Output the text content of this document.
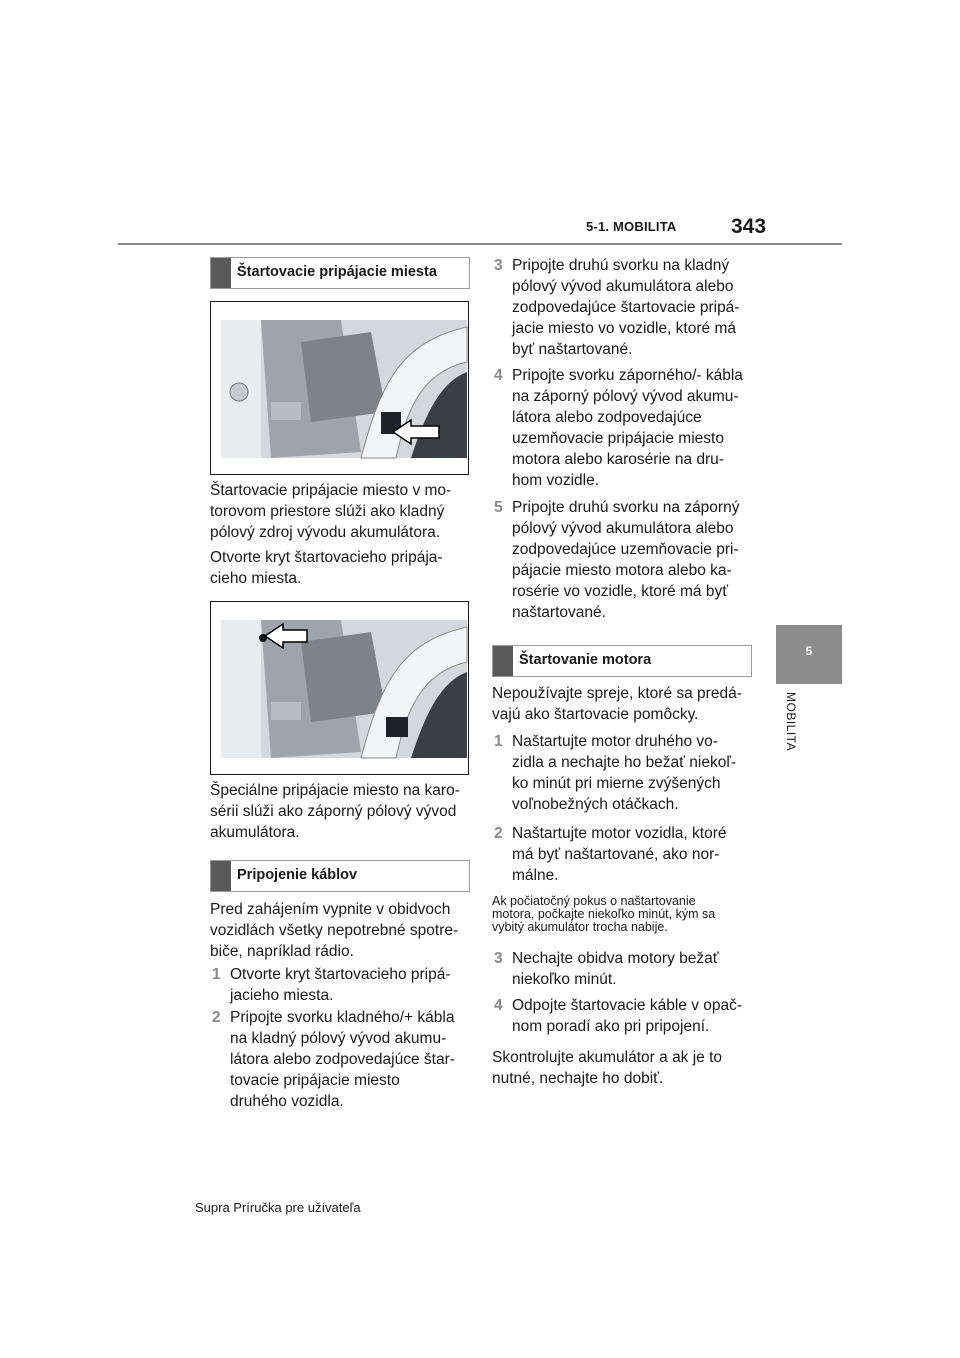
5-1. MOBILITA	343
5
MOBILITA
Štartovacie pripájacie miesta
Štartovacie pripájacie miesto v mo-
torovom priestore slúži ako kladný
pólový zdroj vývodu akumulátora.
Otvorte kryt štartovacieho pripája-
cieho miesta.
Špeciálne pripájacie miesto na karo-
sérii slúži ako záporný pólový vývod
akumulátora.
Pripojenie káblov
Pred zahájením vypnite v obidvoch
vozidlách všetky nepotrebné spotre-
biče, napríklad rádio.
1 Otvorte kryt štartovacieho pripá-
jacieho miesta.
2 Pripojte svorku kladného/+ kábla
na kladný pólový vývod akumu-
látora alebo zodpovedajúce štar-
tovacie pripájacie miesto
druhého vozidla.
3 Pripojte druhú svorku na kladný
pólový vývod akumulátora alebo
zodpovedajúce štartovacie pripá-
jacie miesto vo vozidle, ktoré má
byť naštartované.
4 Pripojte svorku záporného/- kábla
na záporný pólový vývod akumu-
látora alebo zodpovedajúce
uzemňovacie pripájacie miesto
motora alebo karosérie na dru-
hom vozidle.
5 Pripojte druhú svorku na záporný
pólový vývod akumulátora alebo
zodpovedajúce uzemňovacie pri-
pájacie miesto motora alebo ka-
rosérie vo vozidle, ktoré má byť
naštartované.
Štartovanie motora
Nepoužívajte spreje, ktoré sa predá-
vajú ako štartovacie pomôcky.
1 Naštartujte motor druhého vo-
zidla a nechajte ho bežať niekoľ-
ko minút pri mierne zvýšených
voľnobežných otáčkach.
2 Naštartujte motor vozidla, ktoré
má byť naštartované, ako nor-
málne.
Ak počiatočný pokus o naštartovanie
motora, počkajte niekoľko minút, kým sa
vybitý akumulátor trocha nabije.
3 Nechajte obidva motory bežať
niekoľko minút.
4 Odpojte štartovacie káble v opač-
nom poradí ako pri pripojení.
Skontrolujte akumulátor a ak je to
nutné, nechajte ho dobiť.
Supra Príručka pre užívateľa
